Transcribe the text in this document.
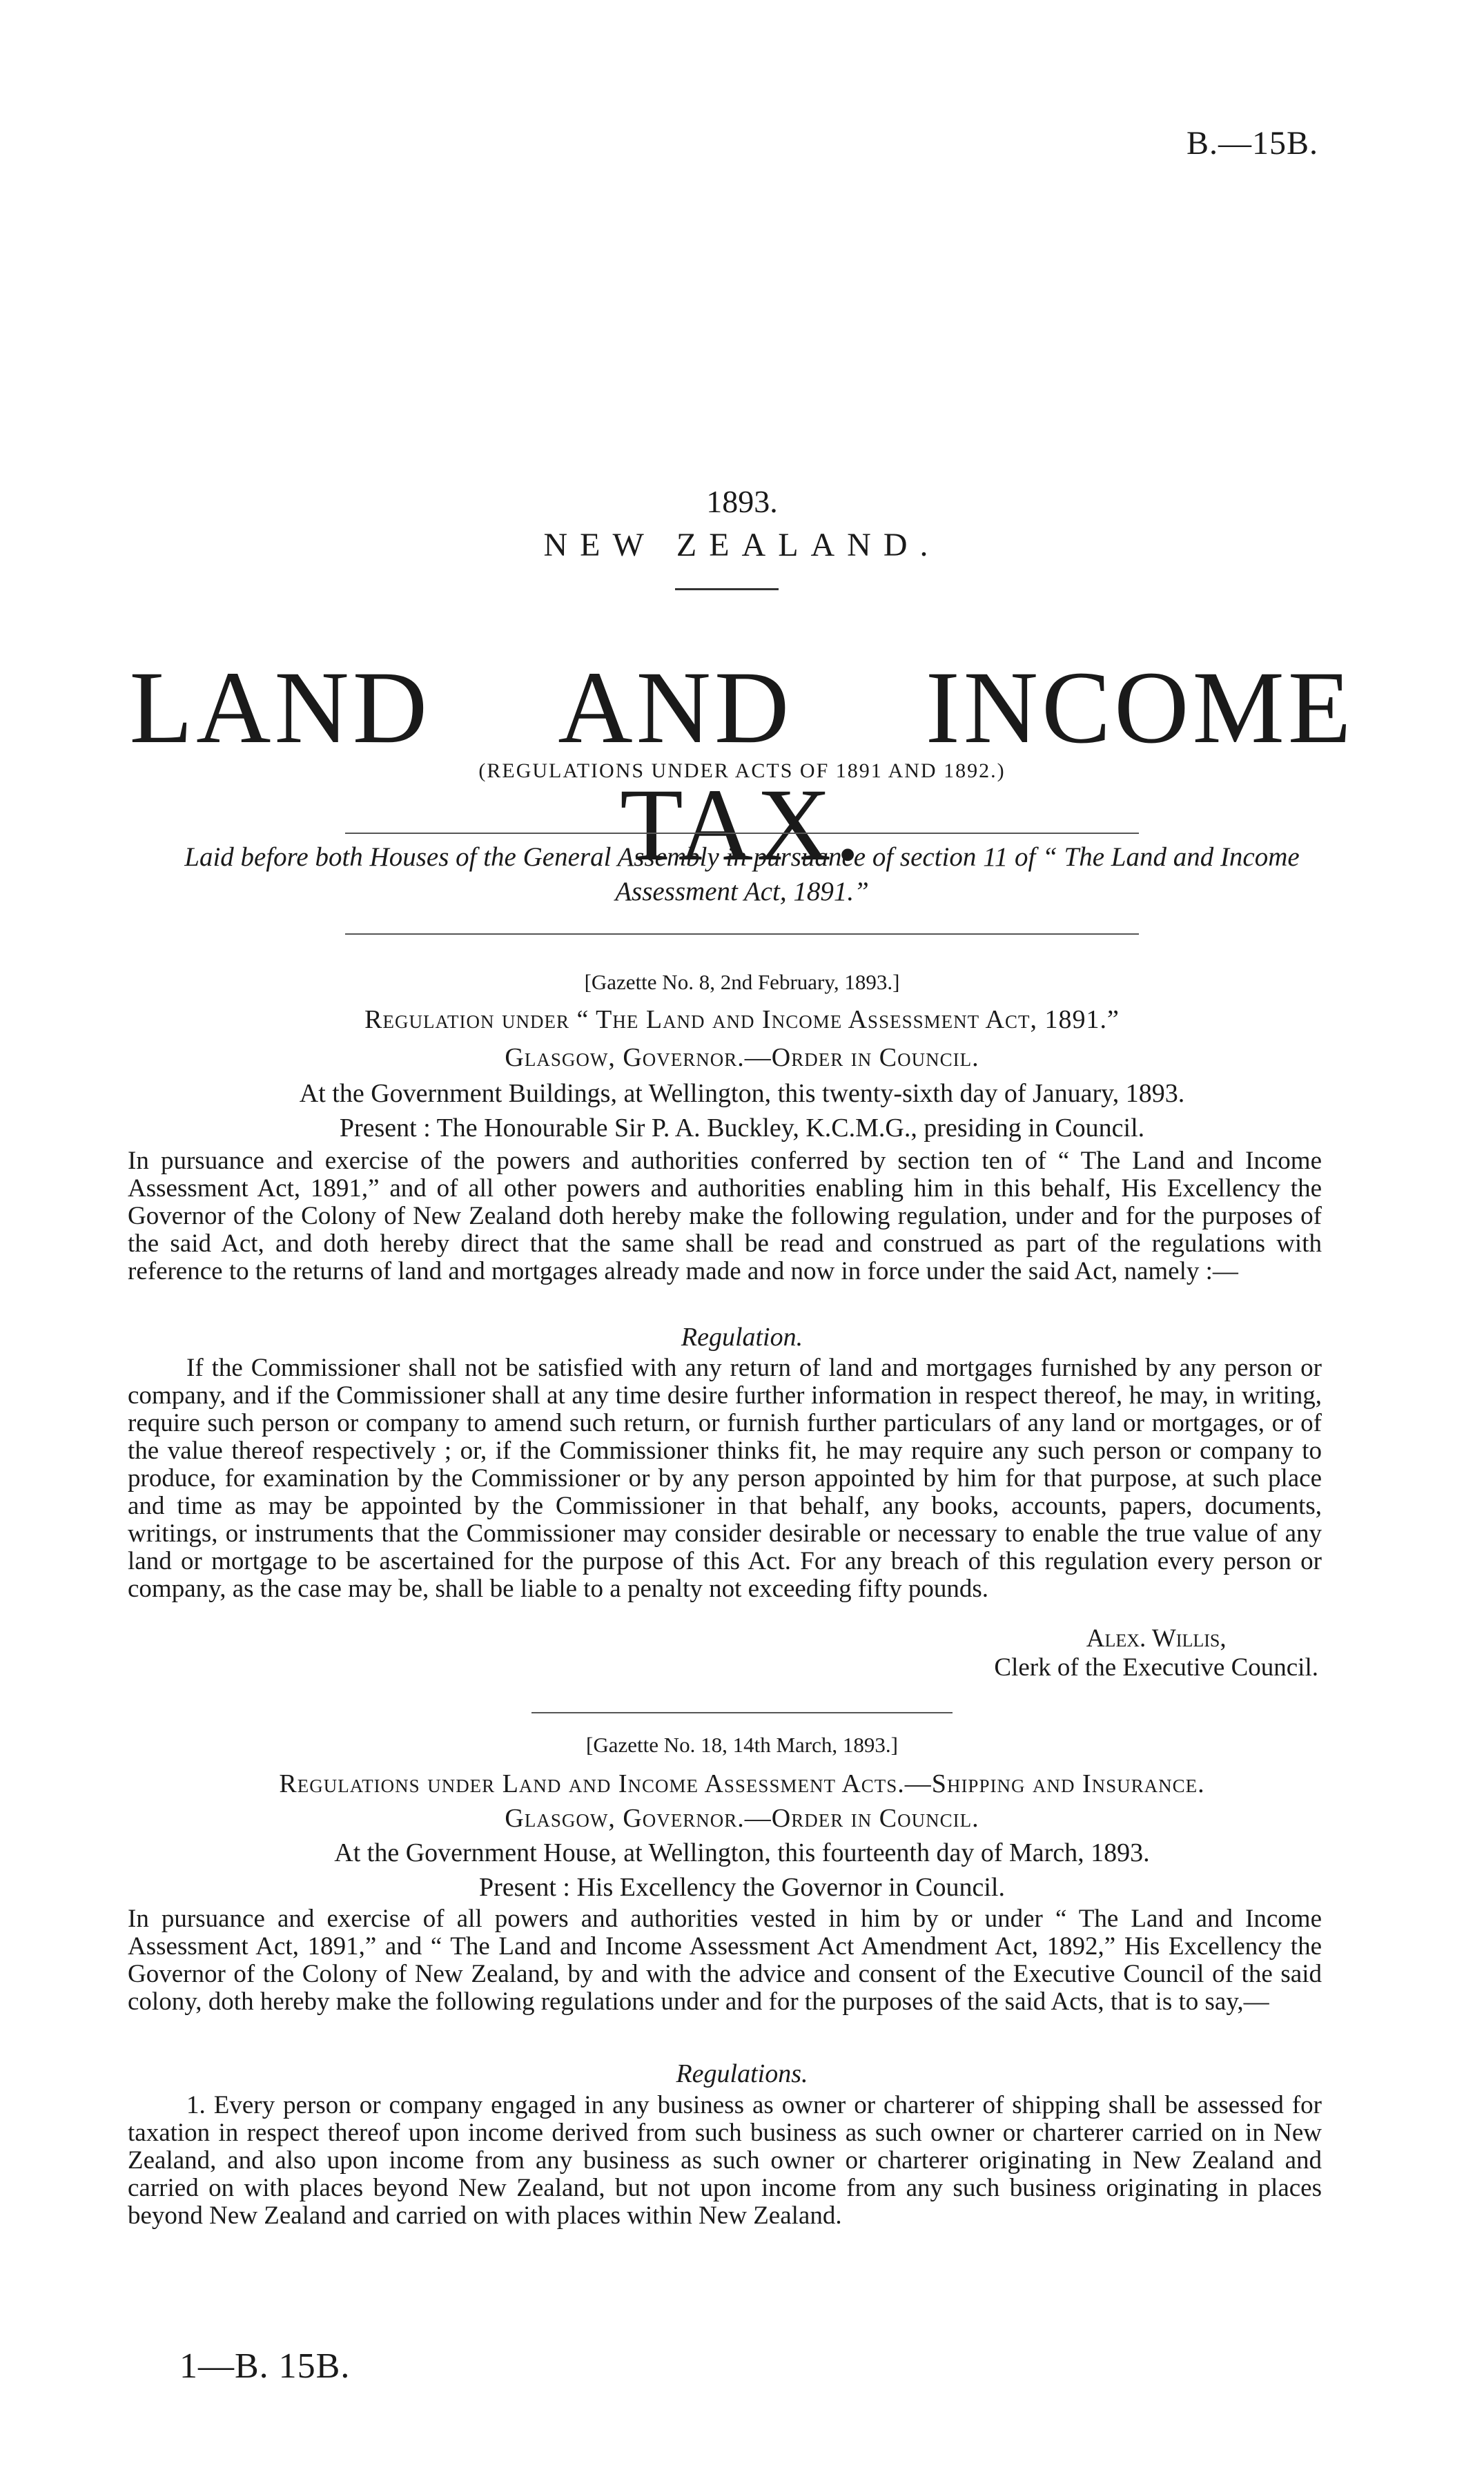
B.—15B.
1893.
NEW ZEALAND.
LAND AND INCOME TAX.
(REGULATIONS UNDER ACTS OF 1891 AND 1892.)
Laid before both Houses of the General Assembly in pursuance of section 11 of “ The Land and Income Assessment Act, 1891.”
[Gazette No. 8, 2nd February, 1893.]
Regulation under “ The Land and Income Assessment Act, 1891.”
Glasgow, Governor.—Order in Council.
At the Government Buildings, at Wellington, this twenty-sixth day of January, 1893.
Present : The Honourable Sir P. A. Buckley, K.C.M.G., presiding in Council.
In pursuance and exercise of the powers and authorities conferred by section ten of “ The Land and Income Assessment Act, 1891,” and of all other powers and authorities enabling him in this behalf, His Excellency the Governor of the Colony of New Zealand doth hereby make the following regulation, under and for the purposes of the said Act, and doth hereby direct that the same shall be read and construed as part of the regulations with reference to the returns of land and mortgages already made and now in force under the said Act, namely :—
Regulation.
If the Commissioner shall not be satisfied with any return of land and mortgages furnished by any person or company, and if the Commissioner shall at any time desire further information in respect thereof, he may, in writing, require such person or company to amend such return, or furnish further particulars of any land or mortgages, or of the value thereof respectively ; or, if the Commissioner thinks fit, he may require any such person or company to produce, for examination by the Commissioner or by any person appointed by him for that purpose, at such place and time as may be appointed by the Commissioner in that behalf, any books, accounts, papers, documents, writings, or instruments that the Commissioner may consider desirable or necessary to enable the true value of any land or mortgage to be ascertained for the purpose of this Act. For any breach of this regulation every person or company, as the case may be, shall be liable to a penalty not exceeding fifty pounds.
Alex. Willis,
Clerk of the Executive Council.
[Gazette No. 18, 14th March, 1893.]
Regulations under Land and Income Assessment Acts.—Shipping and Insurance.
Glasgow, Governor.—Order in Council.
At the Government House, at Wellington, this fourteenth day of March, 1893.
Present : His Excellency the Governor in Council.
In pursuance and exercise of all powers and authorities vested in him by or under “ The Land and Income Assessment Act, 1891,” and “ The Land and Income Assessment Act Amendment Act, 1892,” His Excellency the Governor of the Colony of New Zealand, by and with the advice and consent of the Executive Council of the said colony, doth hereby make the following regulations under and for the purposes of the said Acts, that is to say,—
Regulations.
1. Every person or company engaged in any business as owner or charterer of shipping shall be assessed for taxation in respect thereof upon income derived from such business as such owner or charterer carried on in New Zealand, and also upon income from any business as such owner or charterer originating in New Zealand and carried on with places beyond New Zealand, but not upon income from any such business originating in places beyond New Zealand and carried on with places within New Zealand.
1—B. 15B.
